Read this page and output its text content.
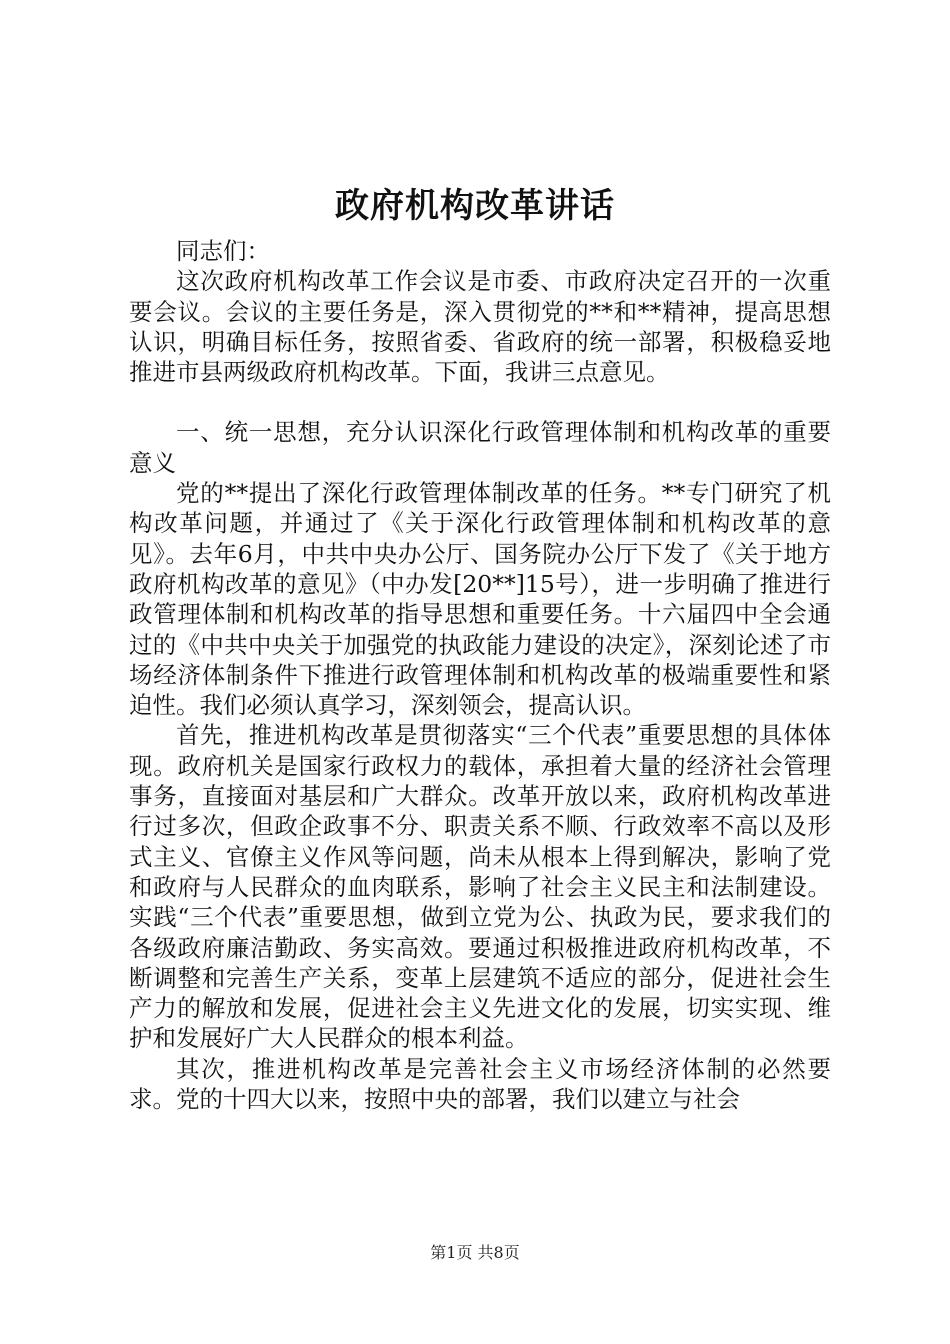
政府机构改革讲话

同志们：

这次政府机构改革工作会议是市委、市政府决定召开的一次重要会议。会议的主要任务是，深入贯彻党的**和**精神，提高思想认识，明确目标任务，按照省委、省政府的统一部署，积极稳妥地推进市县两级政府机构改革。下面，我讲三点意见。

一、统一思想，充分认识深化行政管理体制和机构改革的重要意义

党的**提出了深化行政管理体制改革的任务。**专门研究了机构改革问题，并通过了《关于深化行政管理体制和机构改革的意见》。去年6月，中共中央办公厅、国务院办公厅下发了《关于地方政府机构改革的意见》（中办发[20**]15号），进一步明确了推进行政管理体制和机构改革的指导思想和重要任务。十六届四中全会通过的《中共中央关于加强党的执政能力建设的决定》，深刻论述了市场经济体制条件下推进行政管理体制和机构改革的极端重要性和紧迫性。我们必须认真学习，深刻领会，提高认识。

首先，推进机构改革是贯彻落实“三个代表”重要思想的具体体现。政府机关是国家行政权力的载体，承担着大量的经济社会管理事务，直接面对基层和广大群众。改革开放以来，政府机构改革进行过多次，但政企政事不分、职责关系不顺、行政效率不高以及形式主义、官僚主义作风等问题，尚未从根本上得到解决，影响了党和政府与人民群众的血肉联系，影响了社会主义民主和法制建设。实践“三个代表”重要思想，做到立党为公、执政为民，要求我们的各级政府廉洁勤政、务实高效。要通过积极推进政府机构改革，不断调整和完善生产关系，变革上层建筑不适应的部分，促进社会生产力的解放和发展，促进社会主义先进文化的发展，切实实现、维护和发展好广大人民群众的根本利益。

其次，推进机构改革是完善社会主义市场经济体制的必然要求。党的十四大以来，按照中央的部署，我们以建立与社会

第1页 共8页
